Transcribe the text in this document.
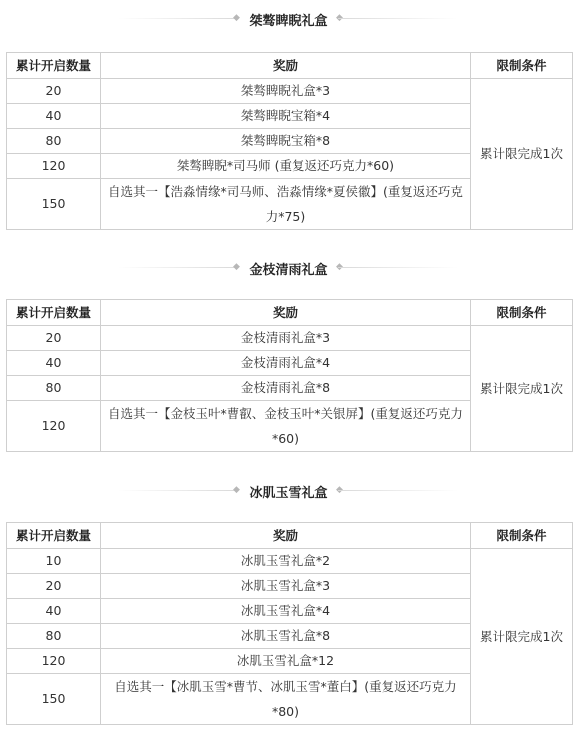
◆ 桀骜睥睨礼盒
累计开启数量	奖励	限制条件
20	桀骜睥睨礼盒*3	累计限完成1次
40	桀骜睥睨宝箱*4	
80	桀骜睥睨宝箱*8	
120	桀骜睥睨*司马师 (重复返还巧克力*60)	
150	自选其一【浩淼情缘*司马师、浩淼情缘*夏侯徽】(重复返还巧克力*75)	
◆ 金枝清雨礼盒
累计开启数量	奖励	限制条件
20	金枝清雨礼盒*3	累计限完成1次
40	金枝清雨礼盒*4	
80	金枝清雨礼盒*8	
120	自选其一【金枝玉叶*曹叡、金枝玉叶*关银屏】(重复返还巧克力*60)	
◆ 冰肌玉雪礼盒
累计开启数量	奖励	限制条件
10	冰肌玉雪礼盒*2	累计限完成1次
20	冰肌玉雪礼盒*3	
40	冰肌玉雪礼盒*4	
80	冰肌玉雪礼盒*8	
120	冰肌玉雪礼盒*12	
150	自选其一【冰肌玉雪*曹节、冰肌玉雪*董白】(重复返还巧克力*80)	
